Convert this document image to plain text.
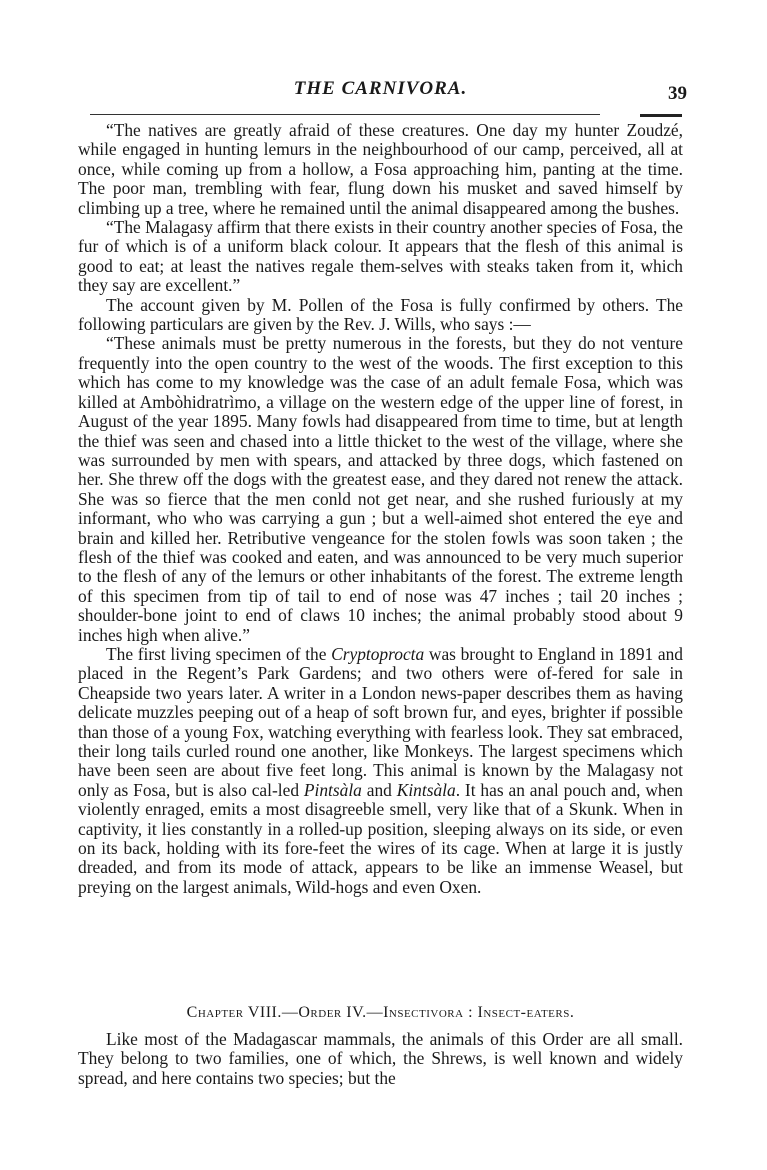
THE CARNIVORA.	39

“The natives are greatly afraid of these creatures. One day my hunter Zoudzé, while engaged in hunting lemurs in the neighbourhood of our camp, perceived, all at once, while coming up from a hollow, a Fosa approaching him, panting at the time. The poor man, trembling with fear, flung down his musket and saved himself by climbing up a tree, where he remained until the animal disappeared among the bushes.

“The Malagasy affirm that there exists in their country another species of Fosa, the fur of which is of a uniform black colour. It appears that the flesh of this animal is good to eat; at least the natives regale them-selves with steaks taken from it, which they say are excellent.”

The account given by M. Pollen of the Fosa is fully confirmed by others. The following particulars are given by the Rev. J. Wills, who says :—

“These animals must be pretty numerous in the forests, but they do not venture frequently into the open country to the west of the woods. The first exception to this which has come to my knowledge was the case of an adult female Fosa, which was killed at Ambòhidratrìmo, a village on the western edge of the upper line of forest, in August of the year 1895. Many fowls had disappeared from time to time, but at length the thief was seen and chased into a little thicket to the west of the village, where she was surrounded by men with spears, and attacked by three dogs, which fastened on her. She threw off the dogs with the greatest ease, and they dared not renew the attack. She was so fierce that the men conld not get near, and she rushed furiously at my informant, who who was carrying a gun ; but a well-aimed shot entered the eye and brain and killed her. Retributive vengeance for the stolen fowls was soon taken ; the flesh of the thief was cooked and eaten, and was announced to be very much superior to the flesh of any of the lemurs or other inhabitants of the forest. The extreme length of this specimen from tip of tail to end of nose was 47 inches ; tail 20 inches ; shoulder-bone joint to end of claws 10 inches; the animal probably stood about 9 inches high when alive.”

The first living specimen of the Cryptoprocta was brought to England in 1891 and placed in the Regent’s Park Gardens; and two others were of-fered for sale in Cheapside two years later. A writer in a London news-paper describes them as having delicate muzzles peeping out of a heap of soft brown fur, and eyes, brighter if possible than those of a young Fox, watching everything with fearless look. They sat embraced, their long tails curled round one another, like Monkeys. The largest specimens which have been seen are about five feet long. This animal is known by the Malagasy not only as Fosa, but is also cal-led Pintsàla and Kintsàla. It has an anal pouch and, when violently enraged, emits a most disagreeble smell, very like that of a Skunk. When in captivity, it lies constantly in a rolled-up position, sleeping always on its side, or even on its back, holding with its fore-feet the wires of its cage. When at large it is justly dreaded, and from its mode of attack, appears to be like an immense Weasel, but preying on the largest animals, Wild-hogs and even Oxen.

Chapter VIII.—Order IV.—Insectivora : Insect-eaters.

Like most of the Madagascar mammals, the animals of this Order are all small. They belong to two families, one of which, the Shrews, is well known and widely spread, and here contains two species; but the
